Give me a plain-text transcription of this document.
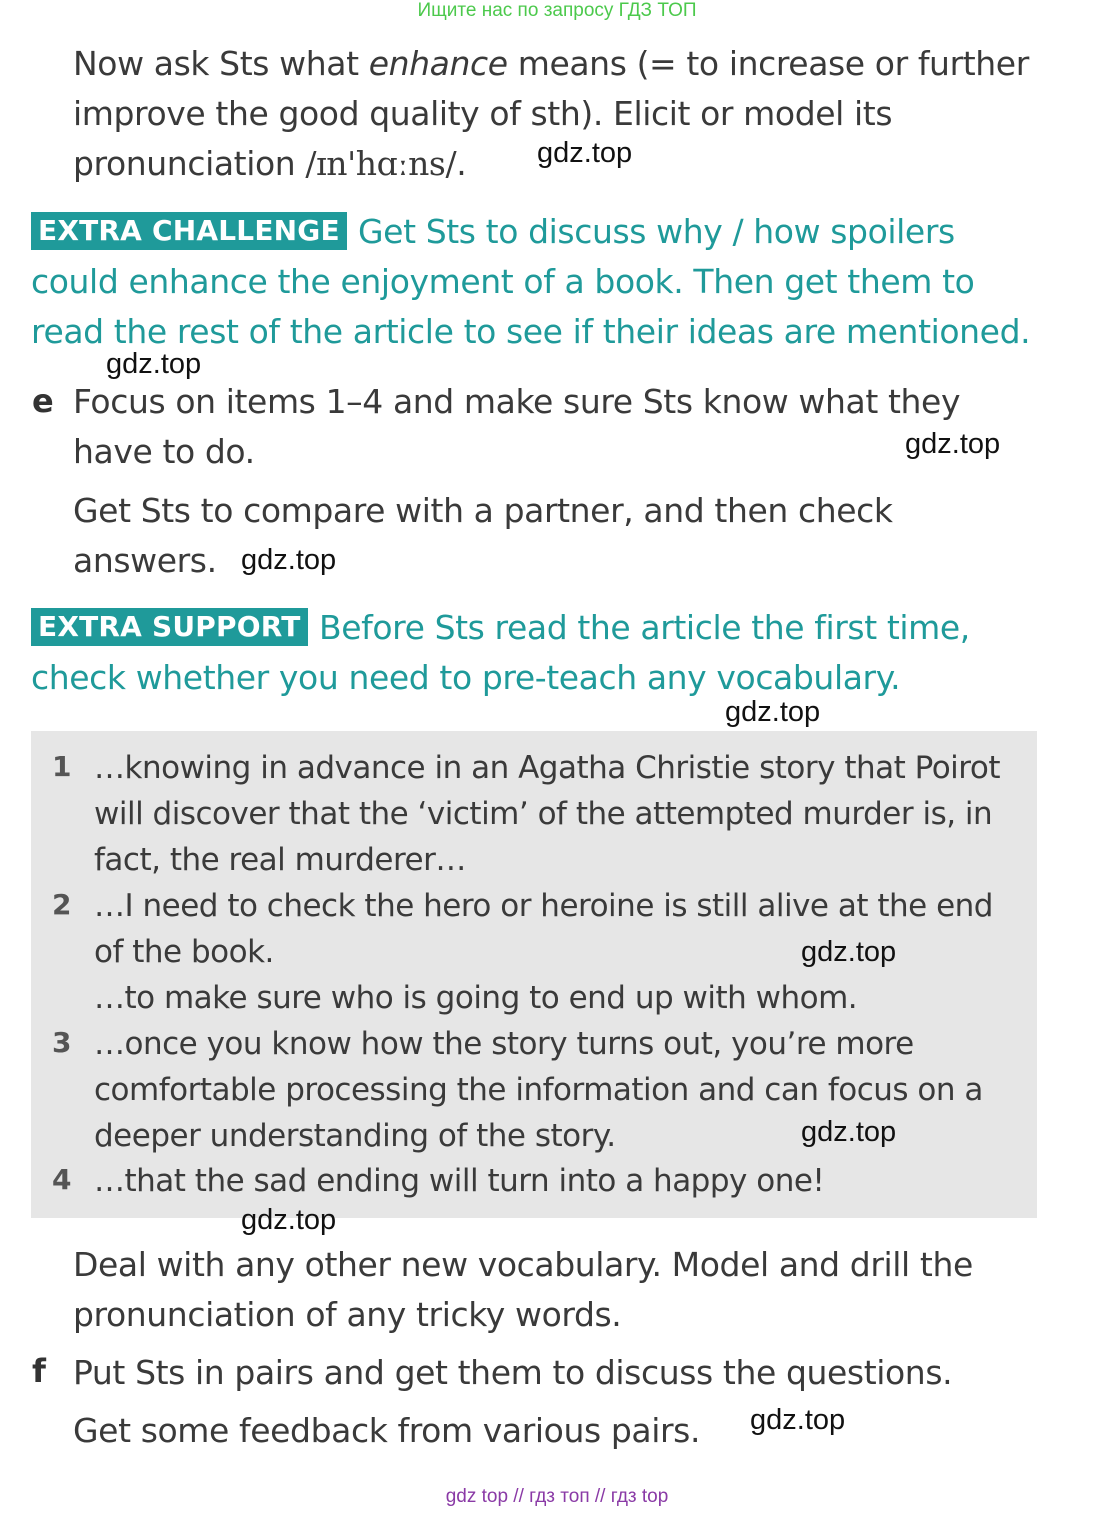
Ищите нас по запросу ГДЗ ТОП
Now ask Sts what enhance means (= to increase or further
improve the good quality of sth). Elicit or model its
pronunciation /ɪn'hɑːns/. gdz.top
EXTRA CHALLENGE Get Sts to discuss why / how spoilers
could enhance the enjoyment of a book. Then get them to
read the rest of the article to see if their ideas are mentioned.
gdz.top
e Focus on items 1–4 and make sure Sts know what they
have to do.	gdz.top
Get Sts to compare with a partner, and then check
answers. gdz.top
EXTRA SUPPORT Before Sts read the article the first time,
check whether you need to pre-teach any vocabulary.
gdz.top
1 …knowing in advance in an Agatha Christie story that Poirot
will discover that the ‘victim’ of the attempted murder is, in
fact, the real murderer…
2 …I need to check the hero or heroine is still alive at the end
of the book.	gdz.top
…to make sure who is going to end up with whom.
3 …once you know how the story turns out, you’re more
comfortable processing the information and can focus on a
deeper understanding of the story.	gdz.top
4 …that the sad ending will turn into a happy one!
gdz.top
Deal with any other new vocabulary. Model and drill the
pronunciation of any tricky words.
f Put Sts in pairs and get them to discuss the questions.
Get some feedback from various pairs. gdz.top
gdz top // гдз топ // гдз top
